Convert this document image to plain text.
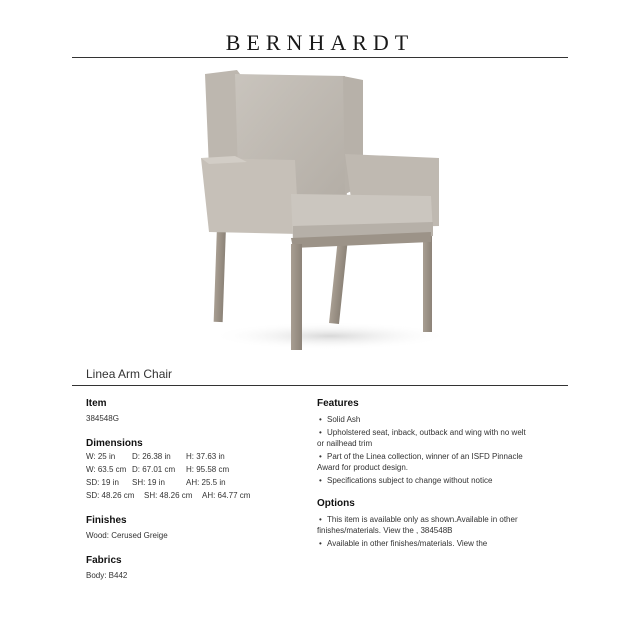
BERNHARDT
Linea Arm Chair
Item
384548G
Dimensions
W: 25 in	D: 26.38 in	H: 37.63 in
W: 63.5 cm D: 67.01 cm	H: 95.58 cm
SD: 19 in	SH: 19 in	AH: 25.5 in
SD: 48.26 cm	SH: 48.26 cm	AH: 64.77 cm
Finishes
Wood: Cerused Greige
Fabrics
Body: B442
Features
• Solid Ash
• Upholstered seat, inback, outback and wing with no welt
or nailhead trim
• Part of the Linea collection, winner of an ISFD Pinnacle
Award for product design.
• Specifications subject to change without notice
Options
• This item is available only as shown.Available in other
finishes/materials. View the , 384548B
• Available in other finishes/materials. View the
